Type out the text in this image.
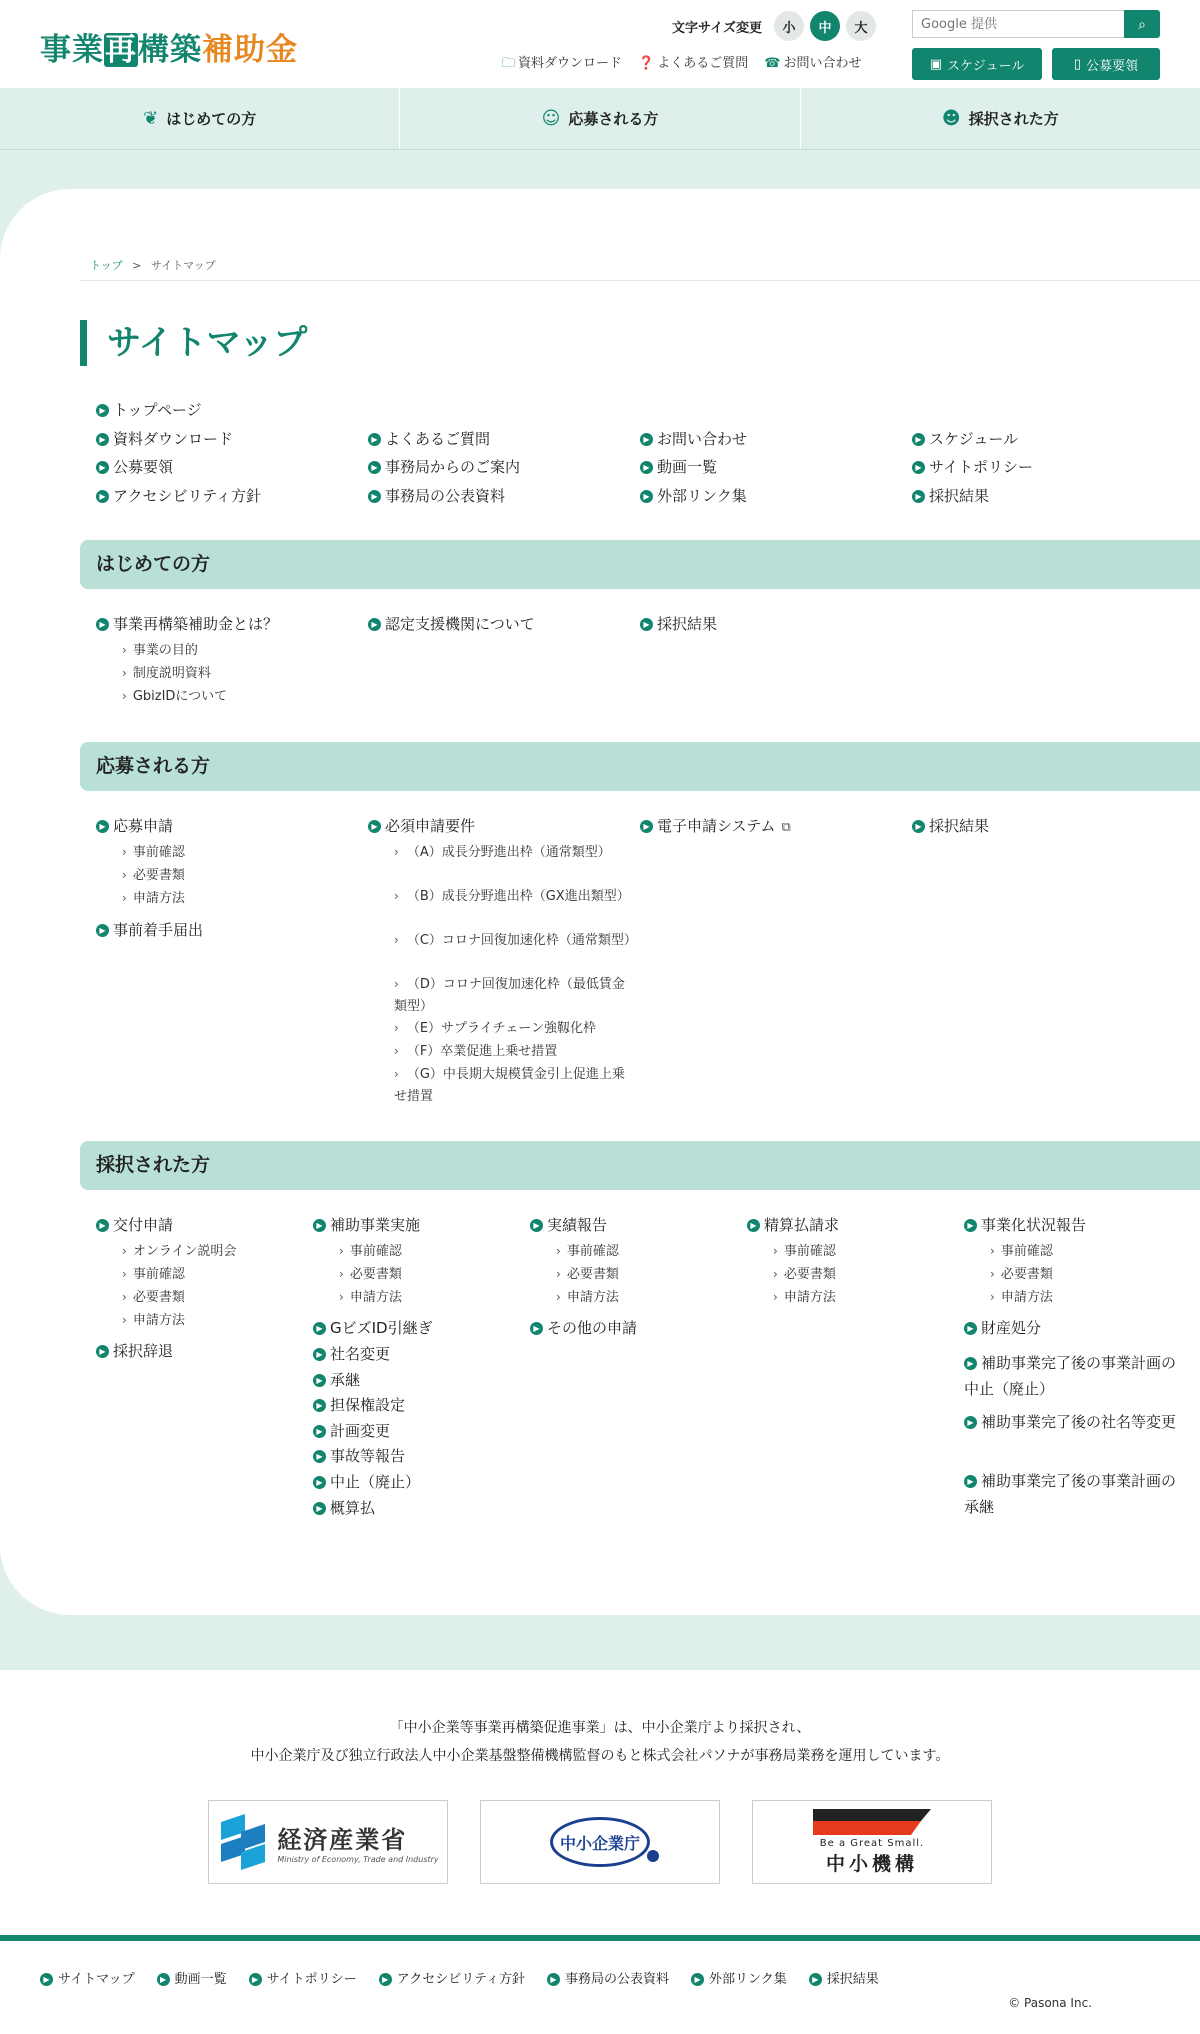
事業再構築補助金
文字サイズ変更	小	中	大
Google 提供	⌕
🗀 資料ダウンロード ❓ よくあるご質問 ☎ お問い合わせ	▣ スケジュール	▯ 公募要領
❦ はじめての方	☺ 応募される方	☻ 採択された方
トップ > サイトマップ
サイトマップ
▶ トップページ
▶ 資料ダウンロード
▶ 公募要領
▶ アクセシビリティ方針
▶ よくあるご質問
▶ 事務局からのご案内
▶ 事務局の公表資料
▶ お問い合わせ
▶ 動画一覧
▶ 外部リンク集
▶ スケジュール
▶ サイトポリシー
▶ 採択結果
はじめての方
▶ 事業再構築補助金とは？
› 事業の目的
› 制度説明資料
› GbizIDについて
▶ 認定支援機関について	▶ 採択結果
応募される方
▶ 応募申請
› 事前確認
› 必要書類
› 申請方法
▶ 事前着手届出
▶ 必須申請要件
› （A）成長分野進出枠（通常類型）
› （B）成長分野進出枠（GX進出類型）
› （C）コロナ回復加速化枠（通常類型）
› （D）コロナ回復加速化枠（最低賃金類型）
› （E）サプライチェーン強靱化枠
› （F）卒業促進上乗せ措置
› （G）中長期大規模賃金引上促進上乗せ措置
▶ 電子申請システム ⧉	▶ 採択結果
採択された方
▶ 交付申請
› オンライン説明会
› 事前確認
› 必要書類
› 申請方法
▶ 採択辞退
▶ 補助事業実施
› 事前確認
› 必要書類
› 申請方法
▶ GビズID引継ぎ
▶ 社名変更
▶ 承継
▶ 担保権設定
▶ 計画変更
▶ 事故等報告
▶ 中止（廃止）
▶ 概算払
▶ 実績報告
› 事前確認
› 必要書類
› 申請方法
▶ その他の申請
▶ 精算払請求
› 事前確認
› 必要書類
› 申請方法
▶ 事業化状況報告
› 事前確認
› 必要書類
› 申請方法
▶ 財産処分
▶ 補助事業完了後の事業計画の中止（廃止）
▶ 補助事業完了後の社名等変更
▶ 補助事業完了後の事業計画の承継
「中小企業等事業再構築促進事業」は、中小企業庁より採択され、
中小企業庁及び独立行政法人中小企業基盤整備機構監督のもと株式会社パソナが事務局業務を運用しています。
経済産業省
Ministry of Economy, Trade and Industry
中小企業庁	Be a Great Small.
中小機構
▶ サイトマップ	▶ 動画一覧	▶ サイトポリシー	▶ アクセシビリティ方針	▶ 事務局の公表資料	▶ 外部リンク集	▶ 採択結果
© Pasona Inc.
